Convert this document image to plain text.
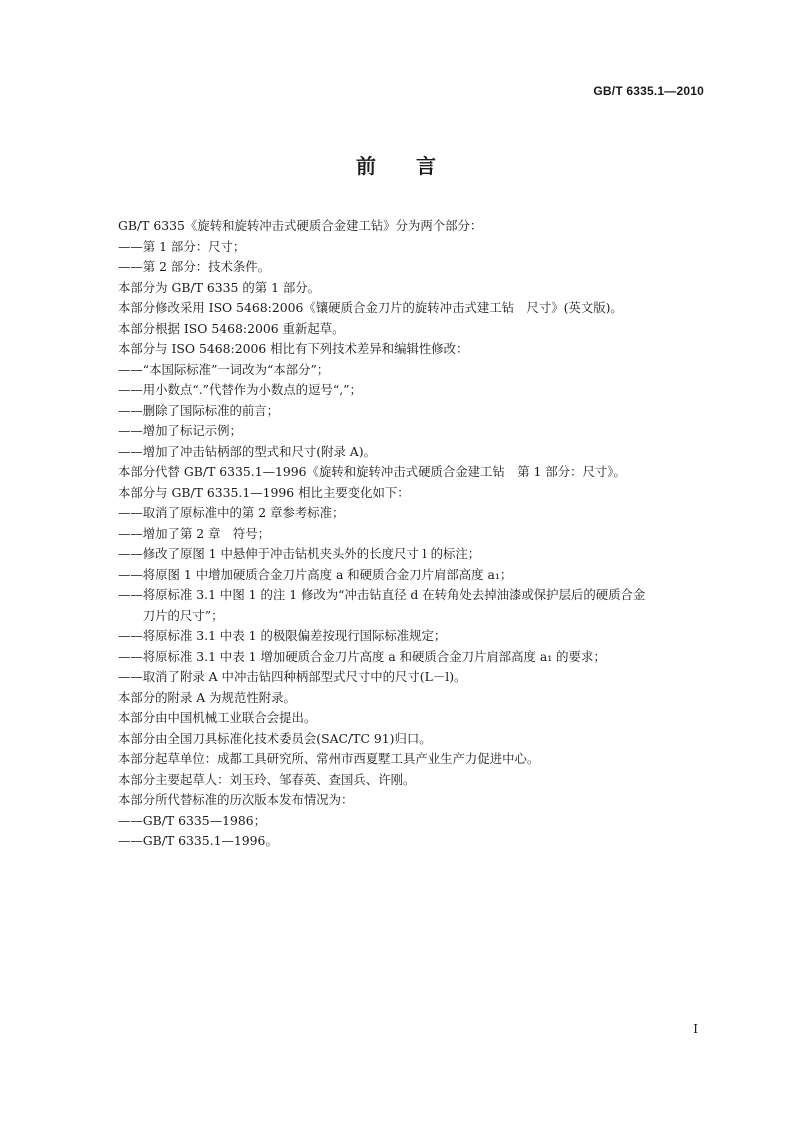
GB/T 6335.1—2010
前 言
GB/T 6335《旋转和旋转冲击式硬质合金建工钻》分为两个部分：
——第 1 部分：尺寸；
——第 2 部分：技术条件。
本部分为 GB/T 6335 的第 1 部分。
本部分修改采用 ISO 5468:2006《镶硬质合金刀片的旋转冲击式建工钻　尺寸》(英文版)。
本部分根据 ISO 5468:2006 重新起草。
本部分与 ISO 5468:2006 相比有下列技术差异和编辑性修改：
——“本国际标准”一词改为“本部分”；
——用小数点“.”代替作为小数点的逗号“,”；
——删除了国际标准的前言；
——增加了标记示例；
——增加了冲击钻柄部的型式和尺寸(附录 A)。
本部分代替 GB/T 6335.1—1996《旋转和旋转冲击式硬质合金建工钻　第 1 部分：尺寸》。
本部分与 GB/T 6335.1—1996 相比主要变化如下：
——取消了原标准中的第 2 章参考标准；
——增加了第 2 章　符号；
——修改了原图 1 中悬伸于冲击钻机夹头外的长度尺寸 l 的标注；
——将原图 1 中增加硬质合金刀片高度 a 和硬质合金刀片肩部高度 a₁；
——将原标准 3.1 中图 1 的注 1 修改为“冲击钻直径 d 在转角处去掉油漆或保护层后的硬质合金
　　刀片的尺寸”；
——将原标准 3.1 中表 1 的极限偏差按现行国际标准规定；
——将原标准 3.1 中表 1 增加硬质合金刀片高度 a 和硬质合金刀片肩部高度 a₁ 的要求；
——取消了附录 A 中冲击钻四种柄部型式尺寸中的尺寸(L－l)。
本部分的附录 A 为规范性附录。
本部分由中国机械工业联合会提出。
本部分由全国刀具标准化技术委员会(SAC/TC 91)归口。
本部分起草单位：成都工具研究所、常州市西夏墅工具产业生产力促进中心。
本部分主要起草人：刘玉玲、邹春英、查国兵、许刚。
本部分所代替标准的历次版本发布情况为：
——GB/T 6335—1986；
——GB/T 6335.1—1996。
I
